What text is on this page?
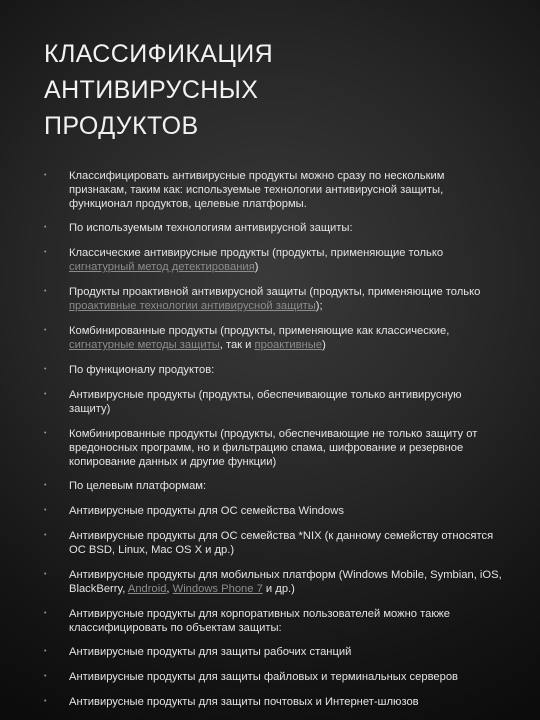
КЛАССИФИКАЦИЯ
АНТИВИРУСНЫХ
ПРОДУКТОВ
• Классифицировать антивирусные продукты можно сразу по нескольким признакам, таким как: используемые технологии антивирусной защиты, функционал продуктов, целевые платформы.
• По используемым технологиям антивирусной защиты:
• Классические антивирусные продукты (продукты, применяющие только сигнатурный метод детектирования)
• Продукты проактивной антивирусной защиты (продукты, применяющие только проактивные технологии антивирусной защиты);
• Комбинированные продукты (продукты, применяющие как классические, сигнатурные методы защиты, так и проактивные)
• По функционалу продуктов:
• Антивирусные продукты (продукты, обеспечивающие только антивирусную защиту)
• Комбинированные продукты (продукты, обеспечивающие не только защиту от вредоносных программ, но и фильтрацию спама, шифрование и резервное копирование данных и другие функции)
• По целевым платформам:
• Антивирусные продукты для ОС семейства Windows
• Антивирусные продукты для ОС семейства *NIX (к данному семейству относятся ОС BSD, Linux, Mac OS X и др.)
• Антивирусные продукты для мобильных платформ (Windows Mobile, Symbian, iOS, BlackBerry, Android, Windows Phone 7 и др.)
• Антивирусные продукты для корпоративных пользователей можно также классифицировать по объектам защиты:
• Антивирусные продукты для защиты рабочих станций
• Антивирусные продукты для защиты файловых и терминальных серверов
• Антивирусные продукты для защиты почтовых и Интернет-шлюзов
